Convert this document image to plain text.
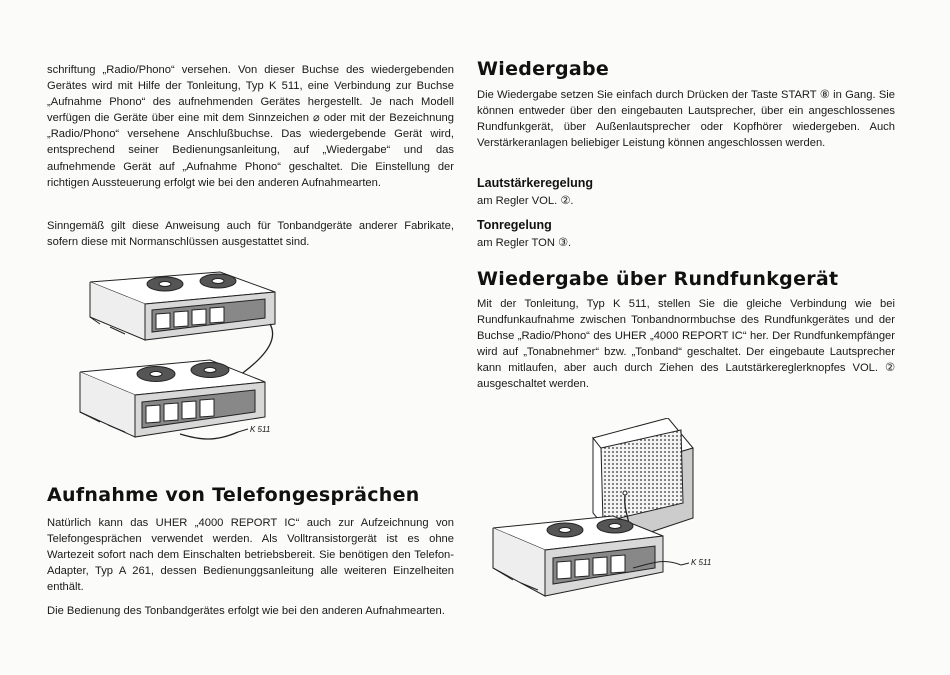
schriftung „Radio/Phono“ versehen. Von dieser Buchse des wiedergebenden Gerätes wird mit Hilfe der Tonleitung, Typ K 511, eine Verbindung zur Buchse „Aufnahme Phono“ des aufnehmenden Gerätes hergestellt. Je nach Modell verfügen die Geräte über eine mit dem Sinnzeichen ⌀ oder mit der Bezeichnung „Radio/Phono“ versehene Anschlußbuchse. Das wiedergebende Gerät wird, entsprechend seiner Bedienungsanleitung, auf „Wiedergabe“ und das aufnehmende Gerät auf „Aufnahme Phono“ geschaltet. Die Einstellung der richtigen Aussteuerung erfolgt wie bei den anderen Aufnahmearten.

Sinngemäß gilt diese Anweisung auch für Tonbandgeräte anderer Fabrikate, sofern diese mit Normanschlüssen ausgestattet sind.

K 511
Aufnahme von Telefongesprächen

Natürlich kann das UHER „4000 REPORT IC“ auch zur Aufzeichnung von Telefongesprächen verwendet werden. Als Volltransistorgerät ist es ohne Wartezeit sofort nach dem Einschalten betriebsbereit. Sie benötigen den Telefon-Adapter, Typ A 261, dessen Bedienunggsanleitung alle weiteren Einzelheiten enthält.

Die Bedienung des Tonbandgerätes erfolgt wie bei den anderen Aufnahmearten.

Wiedergabe

Die Wiedergabe setzen Sie einfach durch Drücken der Taste START ⑧ in Gang. Sie können entweder über den eingebauten Lautsprecher, über ein angeschlossenes Rundfunkgerät, über Außenlautsprecher oder Kopfhörer wiedergeben. Auch Verstärkeranlagen beliebiger Leistung können angeschlossen werden.

Lautstärkeregelung

am Regler VOL. ②.

Tonregelung

am Regler TON ③.

Wiedergabe über Rundfunkgerät

Mit der Tonleitung, Typ K 511, stellen Sie die gleiche Verbindung wie bei Rundfunkaufnahme zwischen Tonbandnormbuchse des Rundfunkgerätes und der Buchse „Radio/Phono“ des UHER „4000 REPORT IC“ her. Der Rundfunkempfänger wird auf „Tonabnehmer“ bzw. „Tonband“ geschaltet. Der eingebaute Lautsprecher kann mitlaufen, aber auch durch Ziehen des Lautstärkereglerknopfes VOL. ② ausgeschaltet werden.

K 511
